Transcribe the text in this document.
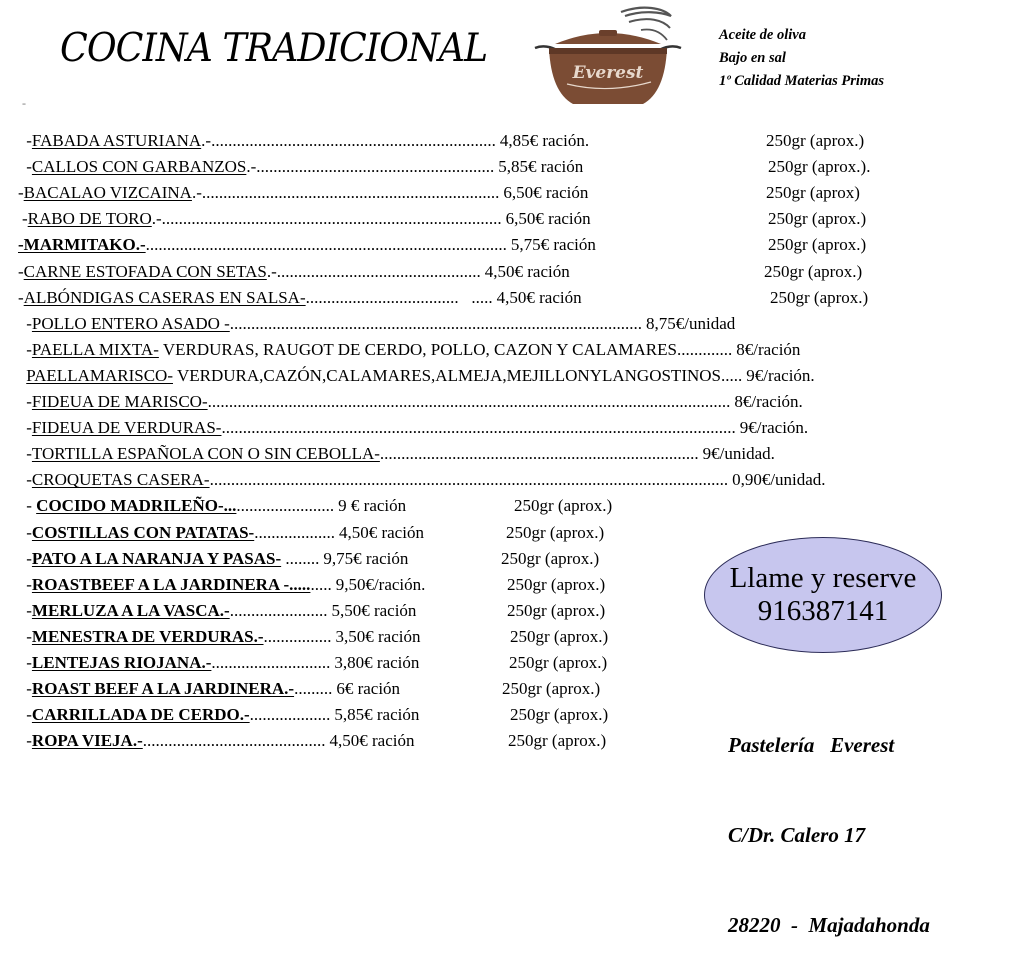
COCINA TRADICIONAL
Everest
Aceite de oliva
Bajo en sal
1º Calidad Materias Primas
-
-FABADA ASTURIANA.-................................................................... 4,85€ ración.	250gr (aprox.)
-CALLOS CON GARBANZOS.-........................................................ 5,85€ ración	250gr (aprox.).
-BACALAO VIZCAINA.-...................................................................... 6,50€ ración	250gr (aprox)
-RABO DE TORO.-................................................................................ 6,50€ ración	250gr (aprox.)
-MARMITAKO.-..................................................................................... 5,75€ ración	250gr (aprox.)
-CARNE ESTOFADA CON SETAS.-................................................ 4,50€ ración	250gr (aprox.)
-ALBÓNDIGAS CASERAS EN SALSA-....................................   ..... 4,50€ ración	250gr (aprox.)
-POLLO ENTERO ASADO -................................................................................................. 8,75€/unidad
-PAELLA MIXTA- VERDURAS, RAUGOT DE CERDO, POLLO, CAZON Y CALAMARES............. 8€/ración
PAELLAMARISCO- VERDURA,CAZÓN,CALAMARES,ALMEJA,MEJILLONYLANGOSTINOS..... 9€/ración.
-FIDEUA DE MARISCO-........................................................................................................................... 8€/ración.
-FIDEUA DE VERDURAS-......................................................................................................................... 9€/ración.
-TORTILLA ESPAÑOLA CON O SIN CEBOLLA-........................................................................... 9€/unidad.
-CROQUETAS CASERA-.......................................................................................................................... 0,90€/unidad.
- COCIDO MADRILEÑO-.......................... 9 € ración	250gr (aprox.)
-COSTILLAS CON PATATAS-................... 4,50€ ración	250gr (aprox.)
-PATO A LA NARANJA Y PASAS- ........ 9,75€ ración	250gr (aprox.)
-ROASTBEEF A LA JARDINERA -.......... 9,50€/ración.	250gr (aprox.)
-MERLUZA A LA VASCA.-....................... 5,50€ ración	250gr (aprox.)
-MENESTRA DE VERDURAS.-................ 3,50€ ración	250gr (aprox.)
-LENTEJAS RIOJANA.-............................ 3,80€ ración	250gr (aprox.)
-ROAST BEEF A LA JARDINERA.-......... 6€ ración	250gr (aprox.)
-CARRILLADA DE CERDO.-................... 5,85€ ración	250gr (aprox.)
-ROPA VIEJA.-........................................... 4,50€ ración	250gr (aprox.)
Llame y reserve
916387141

Pastelería   Everest

C/Dr. Calero 17

28220  -  Majadahonda
